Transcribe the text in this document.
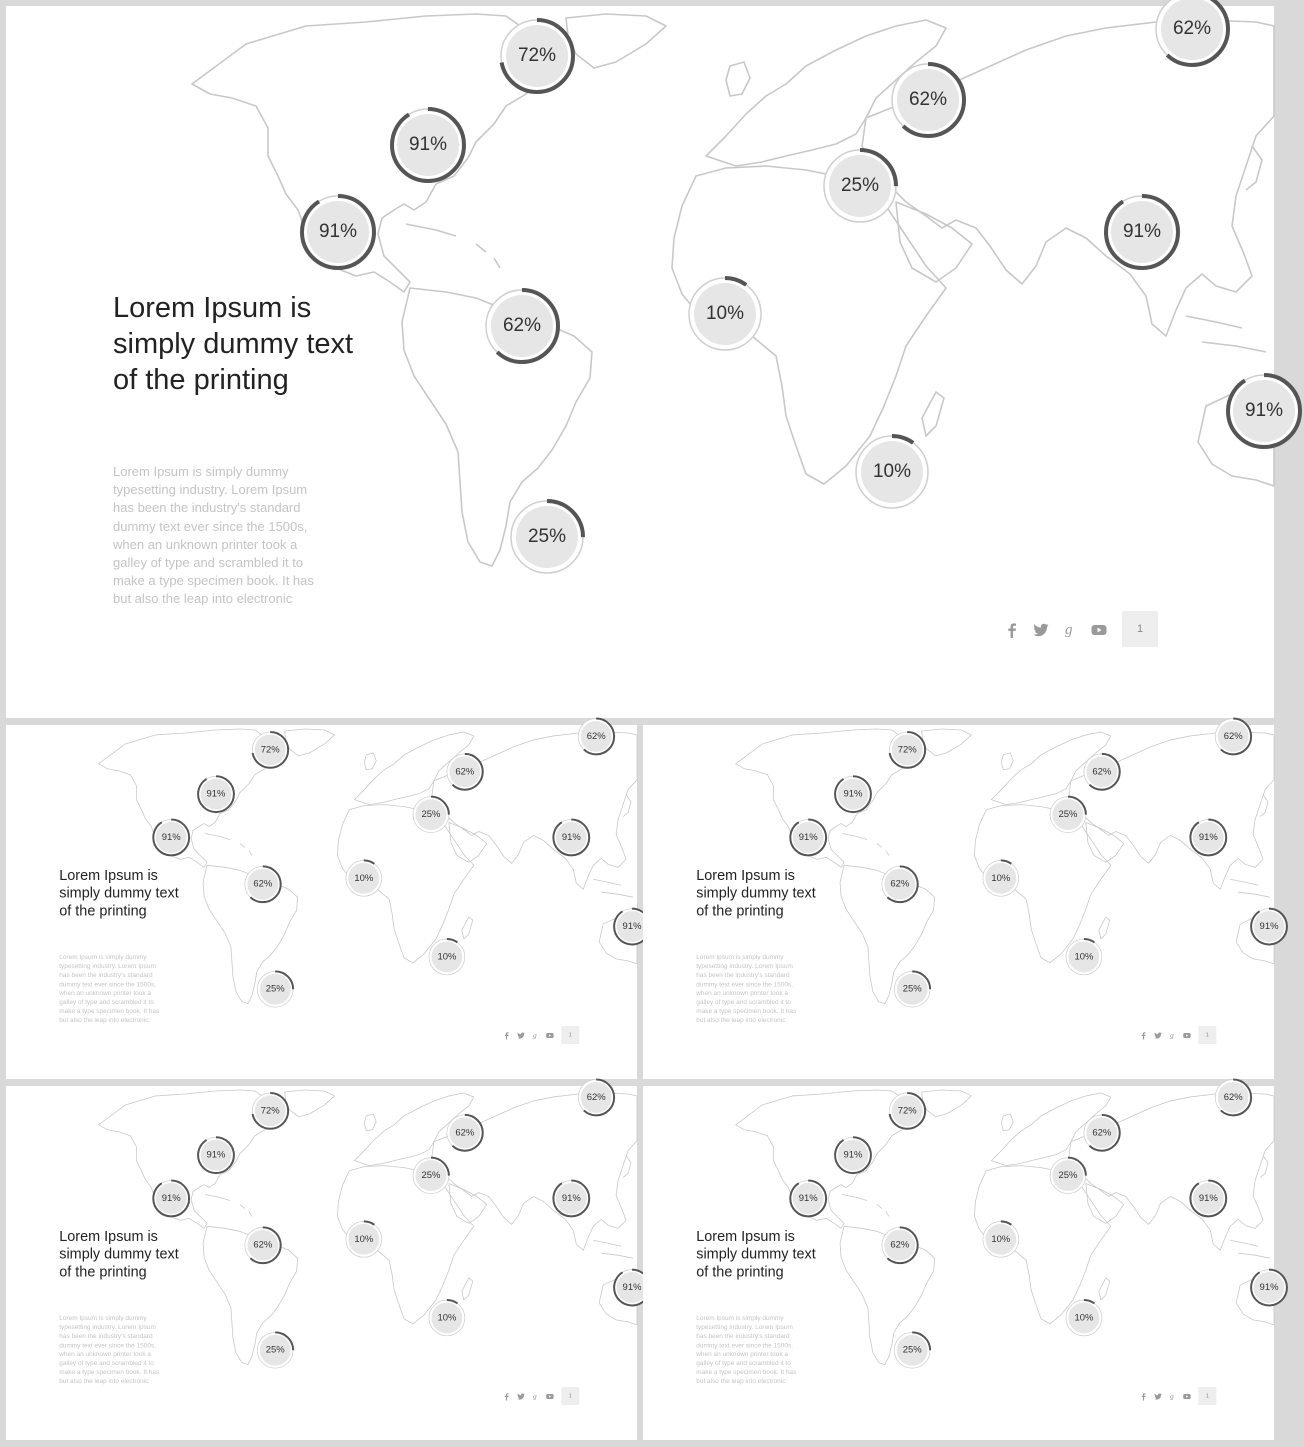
Lorem Ipsum is simply dummy text of the printing

Lorem Ipsum is simply dummy typesetting industry. Lorem Ipsum has been the industry's standard dummy text ever since the 1500s, when an unknown printer took a galley of type and scrambled it to make a type specimen book. It has but also the leap into electronic

72%
91%
91%
62%
25%
10%
10%
25%
62%
62%
91%
91%
g	1
Lorem Ipsum is simply dummy text of the printing

Lorem Ipsum is simply dummy typesetting industry. Lorem Ipsum has been the industry's standard dummy text ever since the 1500s, when an unknown printer took a galley of type and scrambled it to make a type specimen book. It has but also the leap into electronic

72%
91%
91%
62%
25%
10%
10%
25%
62%
62%
91%
91%
g	1
Lorem Ipsum is simply dummy text of the printing

Lorem Ipsum is simply dummy typesetting industry. Lorem Ipsum has been the industry's standard dummy text ever since the 1500s, when an unknown printer took a galley of type and scrambled it to make a type specimen book. It has but also the leap into electronic

72%
91%
91%
62%
25%
10%
10%
25%
62%
62%
91%
91%
g	1
Lorem Ipsum is simply dummy text of the printing

Lorem Ipsum is simply dummy typesetting industry. Lorem Ipsum has been the industry's standard dummy text ever since the 1500s, when an unknown printer took a galley of type and scrambled it to make a type specimen book. It has but also the leap into electronic

72%
91%
91%
62%
25%
10%
10%
25%
62%
62%
91%
91%
g	1
Lorem Ipsum is simply dummy text of the printing

Lorem Ipsum is simply dummy typesetting industry. Lorem Ipsum has been the industry's standard dummy text ever since the 1500s, when an unknown printer took a galley of type and scrambled it to make a type specimen book. It has but also the leap into electronic

72%
91%
91%
62%
25%
10%
10%
25%
62%
62%
91%
91%
g	1
